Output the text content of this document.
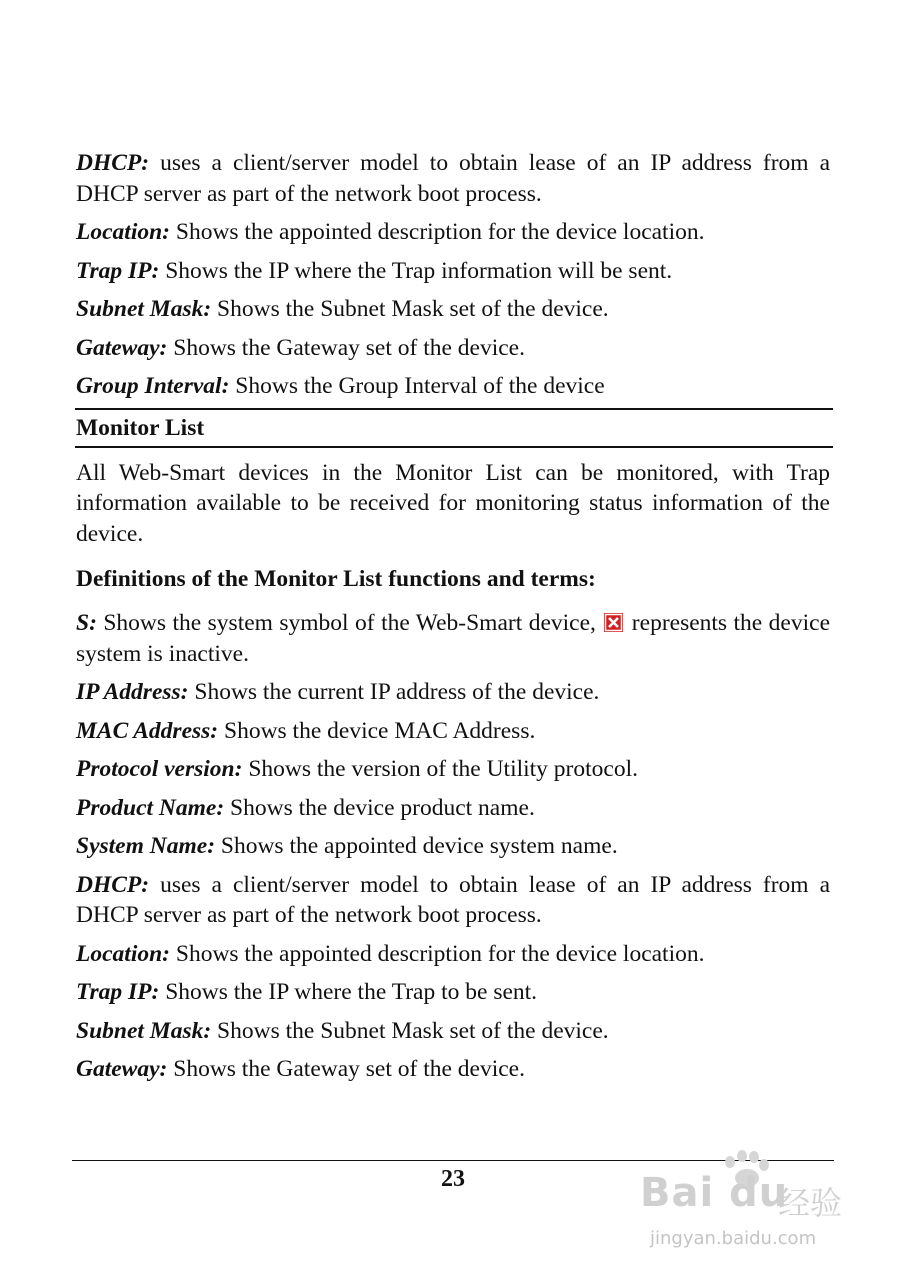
DHCP: uses a client/server model to obtain lease of an IP address from a DHCP server as part of the network boot process.

Location: Shows the appointed description for the device location.

Trap IP: Shows the IP where the Trap information will be sent.

Subnet Mask: Shows the Subnet Mask set of the device.

Gateway: Shows the Gateway set of the device.

Group Interval: Shows the Group Interval of the device

Monitor List

All Web-Smart devices in the Monitor List can be monitored, with Trap information available to be received for monitoring status information of the device.

Definitions of the Monitor List functions and terms:

S: Shows the system symbol of the Web-Smart device,
represents the device system is inactive.

IP Address: Shows the current IP address of the device.

MAC Address: Shows the device MAC Address.

Protocol version: Shows the version of the Utility protocol.

Product Name: Shows the device product name.

System Name: Shows the appointed device system name.

DHCP: uses a client/server model to obtain lease of an IP address from a DHCP server as part of the network boot process.

Location: Shows the appointed description for the device location.

Trap IP: Shows the IP where the Trap to be sent.

Subnet Mask: Shows the Subnet Mask set of the device.

Gateway: Shows the Gateway set of the device.

23	Bai du
经验
jingyan.baidu.com
